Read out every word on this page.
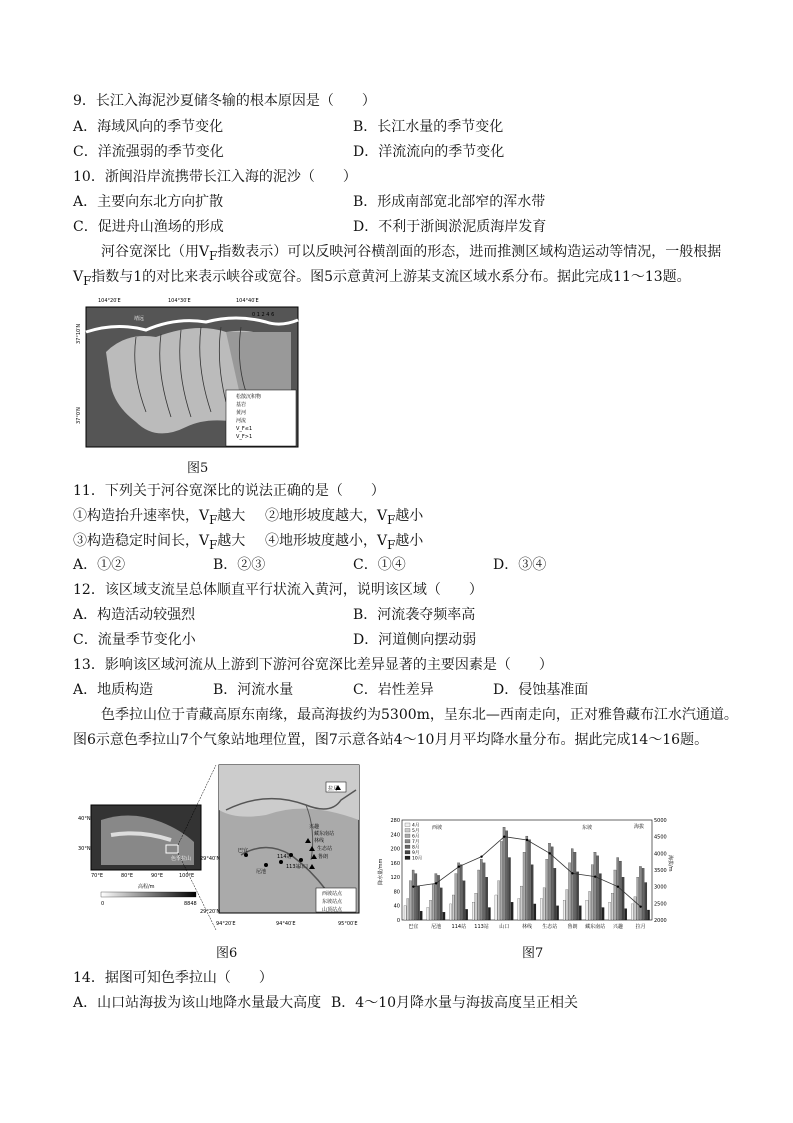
9．长江入海泥沙夏储冬输的根本原因是（　　）
A．海域风向的季节变化	B．长江水量的季节变化
C．洋流强弱的季节变化	D．洋流流向的季节变化
10．浙闽沿岸流携带长江入海的泥沙（　　）
A．主要向东北方向扩散	B．形成南部宽北部窄的浑水带
C．促进舟山渔场的形成	D．不利于浙闽淤泥质海岸发育
河谷宽深比（用$V_F$指数表示）可以反映河谷横剖面的形态，进而推测区域构造运动等情况，一般根据
$V_F$指数与1的对比来表示峡谷或宽谷。图5示意黄河上游某支流区域水系分布。据此完成11～13题。
104°20′E	104°30′E	104°40′E
37°10′N
37°0′N
靖远
0 1 2 4 6
松散沉积物
基岩
黄河
河流
V_F≤1
V_F>1
图5
11．下列关于河谷宽深比的说法正确的是（　　）
①构造抬升速率快，$V_F$越大 ②地形坡度越大，$V_F$越小
③构造稳定时间长，$V_F$越大 ④地形坡度越小，$V_F$越小
A．①②	B．②③	C．①④	D．③④
12．该区域支流呈总体顺直平行状流入黄河，说明该区域（　　）
A．构造活动较强烈	B．河流袭夺频率高
C．流量季节变化小	D．河道侧向摆动弱
13．影响该区域河流从上游到下游河谷宽深比差异显著的主要因素是（　　）
A．地质构造	B．河流水量	C．岩性差异	D．侵蚀基准面
色季拉山位于青藏高原东南缘，最高海拔约为5300m，呈东北—西南走向，正对雅鲁藏布江水汽通道。
图6示意色季拉山7个气象站地理位置，图7示意各站4～10月月平均降水量分布。据此完成14～16题。
40°N
30°N
70°E	80°E	90°E	100°E
色季拉山
高程/m
0	8848
29°40′N
29°20′N
94°20′E	94°40′E	95°00′E
巴宜
尼池
114站
113站
山口
林线
生态站
鲁朗
藏东南站
兴趣
拉月
西坡站点
东坡站点
山顶站点
图6
巴宜	尼池 114站 113站 山口	林线 生态站 鲁朗 藏东南站 兴趣	拉月
0
40
80
120
160
200
240
280
2000
2500
3000
3500
4000
4500
5000
西坡	东坡
降水量/mm	海拔/m
海拔
4月
5月
6月
7月
8月
9月
10月
图7
14．据图可知色季拉山（　　）
A．山口站海拔为该山地降水量最大高度 B．4～10月降水量与海拔高度呈正相关
